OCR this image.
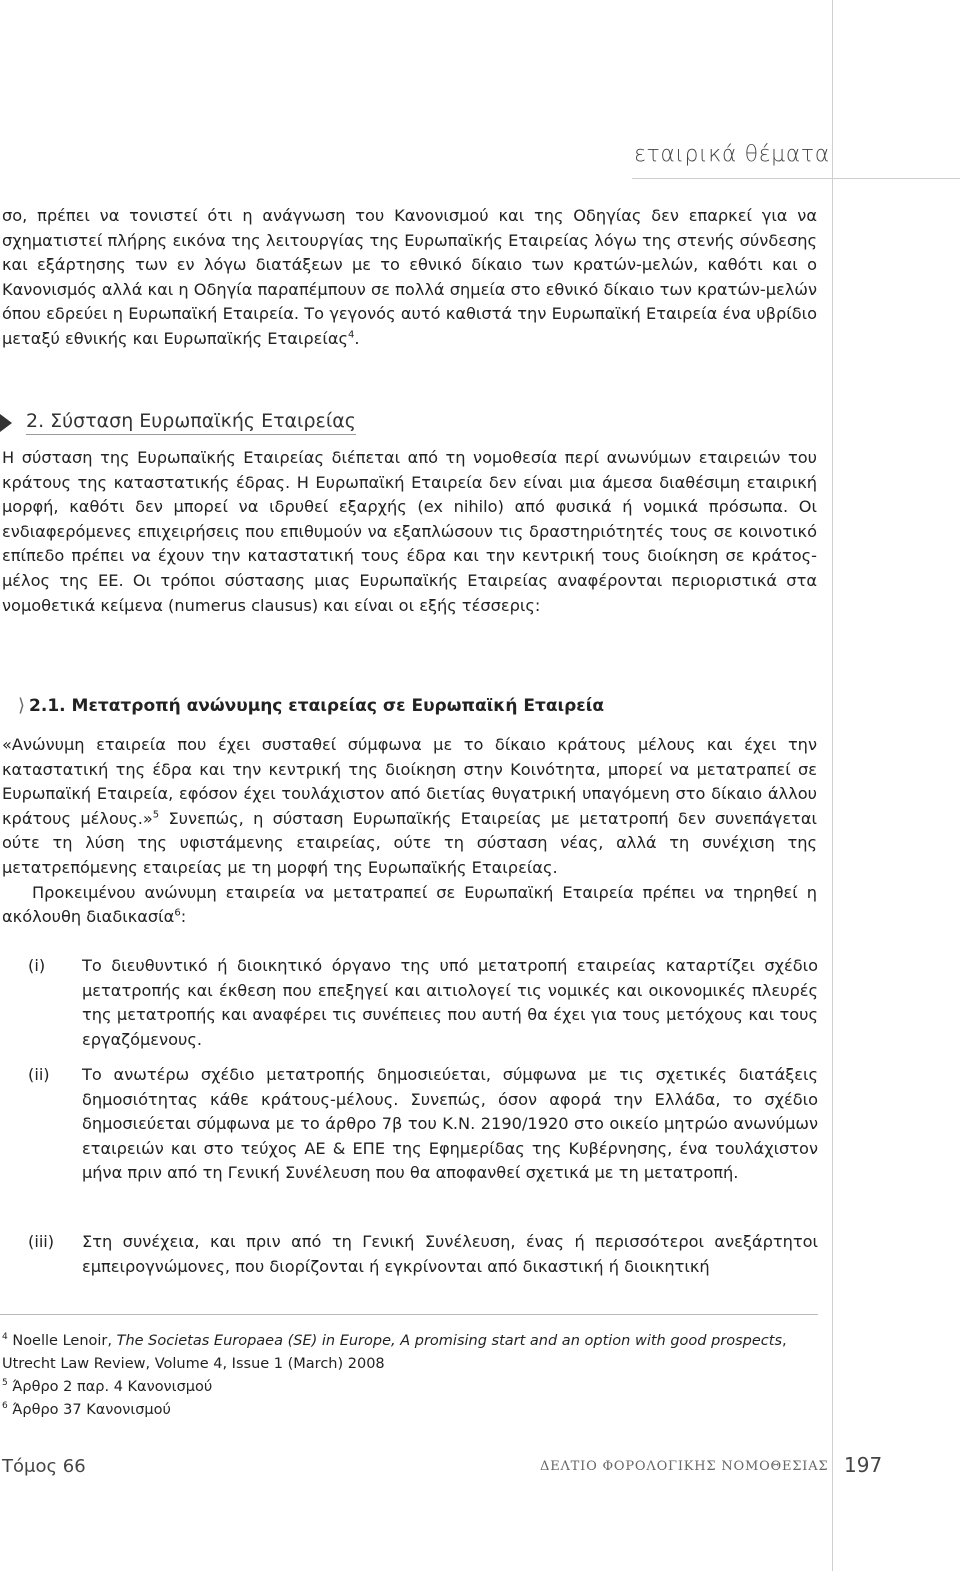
εταιρικά θέματα

σο, πρέπει να τονιστεί ότι η ανάγνωση του Κανονισμού και της Οδηγίας δεν επαρκεί για να σχηματιστεί πλήρης εικόνα της λειτουργίας της Ευρωπαϊκής Εταιρείας λόγω της στενής σύνδεσης και εξάρτησης των εν λόγω διατάξεων με το εθνικό δίκαιο των κρατών-μελών, καθότι και ο Κανονισμός αλλά και η Οδηγία παραπέμπουν σε πολλά σημεία στο εθνικό δίκαιο των κρατών-μελών όπου εδρεύει η Ευρωπαϊκή Εταιρεία. Το γεγονός αυτό καθιστά την Ευρωπαϊκή Εταιρεία ένα υβρίδιο μεταξύ εθνικής και Ευρωπαϊκής Εταιρείας$^4$.

2. Σύσταση Ευρωπαϊκής Εταιρείας

Η σύσταση της Ευρωπαϊκής Εταιρείας διέπεται από τη νομοθεσία περί ανωνύμων εταιρειών του κράτους της καταστατικής έδρας. Η Ευρωπαϊκή Εταιρεία δεν είναι μια άμεσα διαθέσιμη εταιρική μορφή, καθότι δεν μπορεί να ιδρυθεί εξαρχής (ex nihilo) από φυσικά ή νομικά πρόσωπα. Οι ενδιαφερόμενες επιχειρήσεις που επιθυμούν να εξαπλώσουν τις δραστηριότητές τους σε κοινοτικό επίπεδο πρέπει να έχουν την καταστατική τους έδρα και την κεντρική τους διοίκηση σε κράτος-μέλος της ΕΕ. Οι τρόποι σύστασης μιας Ευρωπαϊκής Εταιρείας αναφέρονται περιοριστικά στα νομοθετικά κείμενα (numerus clausus) και είναι οι εξής τέσσερις:

⟩ 2.1. Μετατροπή ανώνυμης εταιρείας σε Ευρωπαϊκή Εταιρεία

«Ανώνυμη εταιρεία που έχει συσταθεί σύμφωνα με το δίκαιο κράτους μέλους και έχει την καταστατική της έδρα και την κεντρική της διοίκηση στην Κοινότητα, μπορεί να μετατραπεί σε Ευρωπαϊκή Εταιρεία, εφόσον έχει τουλάχιστον από διετίας θυγατρική υπαγόμενη στο δίκαιο άλλου κράτους μέλους.»$^5$ Συνεπώς, η σύσταση Ευρωπαϊκής Εταιρείας με μετατροπή δεν συνεπάγεται ούτε τη λύση της υφιστάμενης εταιρείας, ούτε τη σύσταση νέας, αλλά τη συνέχιση της μετατρεπόμενης εταιρείας με τη μορφή της Ευρωπαϊκής Εταιρείας.

Προκειμένου ανώνυμη εταιρεία να μετατραπεί σε Ευρωπαϊκή Εταιρεία πρέπει να τηρηθεί η ακόλουθη διαδικασία$^6$:

(i)	Το διευθυντικό ή διοικητικό όργανο της υπό μετατροπή εταιρείας καταρτίζει σχέδιο μετατροπής και έκθεση που επεξηγεί και αιτιολογεί τις νομικές και οικονομικές πλευρές της μετατροπής και αναφέρει τις συνέπειες που αυτή θα έχει για τους μετόχους και τους εργαζόμενους.
(ii)	Το ανωτέρω σχέδιο μετατροπής δημοσιεύεται, σύμφωνα με τις σχετικές διατάξεις δημοσιότητας κάθε κράτους-μέλους. Συνεπώς, όσον αφορά την Ελλάδα, το σχέδιο δημοσιεύεται σύμφωνα με το άρθρο 7β του Κ.Ν. 2190/1920 στο οικείο μητρώο ανωνύμων εταιρειών και στο τεύχος ΑΕ & ΕΠΕ της Εφημερίδας της Κυβέρνησης, ένα τουλάχιστον μήνα πριν από τη Γενική Συνέλευση που θα αποφανθεί σχετικά με τη μετατροπή.
(iii)	Στη συνέχεια, και πριν από τη Γενική Συνέλευση, ένας ή περισσότεροι ανεξάρτητοι εμπειρογνώμονες, που διορίζονται ή εγκρίνονται από δικαστική ή διοικητική
$^4$ Noelle Lenoir, The Societas Europaea (SE) in Europe, A promising start and an option with good prospects, Utrecht Law Review, Volume 4, Issue 1 (March) 2008
$^5$ Άρθρο 2 παρ. 4 Κανονισμού
$^6$ Άρθρο 37 Κανονισμού
Τόμος 66	ΔΕΛΤΙΟ ΦΟΡΟΛΟΓΙΚΗΣ ΝΟΜΟΘΕΣΙΑΣ 197
